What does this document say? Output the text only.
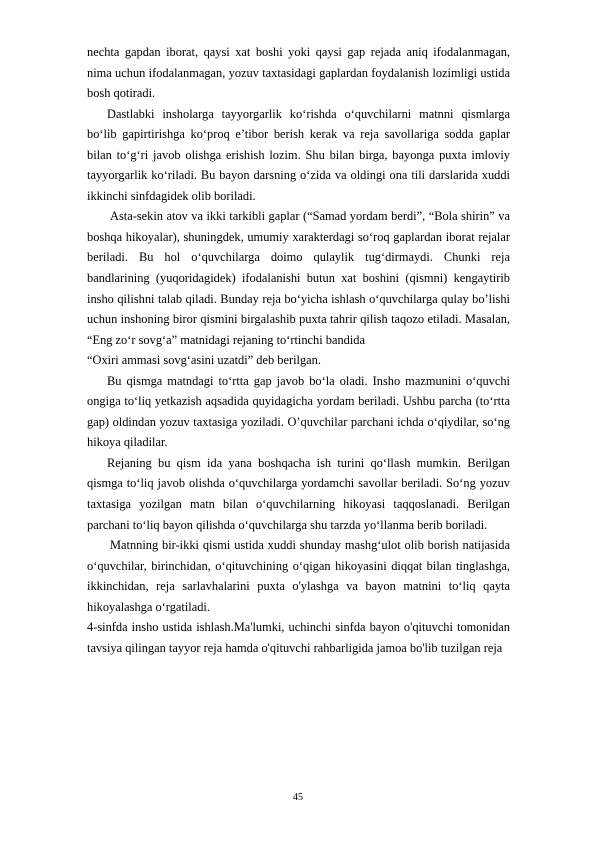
nechta gapdan iborat, qaysi xat boshi yoki qaysi gap rejada aniq ifodalanmagan, nima uchun ifodalanmagan, yozuv taxtasidagi gaplardan foydalanish lozimligi ustida bosh qotiradi.

Dastlabki insholarga tayyorgarlik ko‘rishda o‘quvchilarni matnni qismlarga bo‘lib gapirtirishga ko‘proq e’tibor berish kerak va reja savollariga sodda gaplar bilan to‘g‘ri javob olishga erishish lozim. Shu bilan birga, bayonga puxta imloviy tayyorgarlik ko‘riladi. Bu bayon darsning o‘zida va oldingi ona tili darslarida xuddi ikkinchi sinfdagidek olib boriladi.

Asta-sekin atov va ikki tarkibli gaplar (“Samad yordam berdi”, “Bola shirin” va boshqa hikoyalar), shuningdek, umumiy xarakterdagi so‘roq gaplardan iborat rejalar beriladi. Bu hol o‘quvchilarga doimo qulaylik tug‘dirmaydi. Chunki reja bandlarining (yuqoridagidek) ifodalanishi butun xat boshini (qismni) kengaytirib insho qilishni talab qiladi. Bunday reja bo‘yicha ishlash o‘quvchilarga qulay bo’lishi uchun inshoning biror qismini birgalashib puxta tahrir qilish taqozo etiladi. Masalan, “Eng zo‘r sovg‘a” matnidagi rejaning to‘rtinchi bandida

“Oxiri ammasi sovg‘asini uzatdi” deb berilgan.

Bu qismga matndagi to‘rtta gap javob bo‘la oladi. Insho mazmunini o‘quvchi ongiga to‘liq yetkazish aqsadida quyidagicha yordam beriladi. Ushbu parcha (to‘rtta gap) oldindan yozuv taxtasiga yoziladi. O’quvchilar parchani ichda o‘qiydilar, so‘ng hikoya qiladilar.

Rejaning bu qism ida yana boshqacha ish turini qo‘llash mumkin. Berilgan qismga to‘liq javob olishda o‘quvchilarga yordamchi savollar beriladi. So‘ng yozuv taxtasiga yozilgan matn bilan o‘quvchilarning hikoyasi taqqoslanadi. Berilgan parchani to‘liq bayon qilishda o‘quvchilarga shu tarzda yo‘llanma berib boriladi.

Matnning bir-ikki qismi ustida xuddi shunday mashg‘ulot olib borish natijasida o‘quvchilar, birinchidan, o‘qituvchining o‘qigan hikoyasini diqqat bilan tinglashga, ikkinchidan, reja sarlavhalarini puxta o'ylashga va bayon matnini to‘liq qayta hikoyalashga o‘rgatiladi.

4-sinfda insho ustida ishlash.Ma'lumki, uchinchi sinfda bayon o'qituvchi tomonidan tavsiya qilingan tayyor reja hamda o'qituvchi rahbarligida jamoa bo'lib tuzilgan reja

45
